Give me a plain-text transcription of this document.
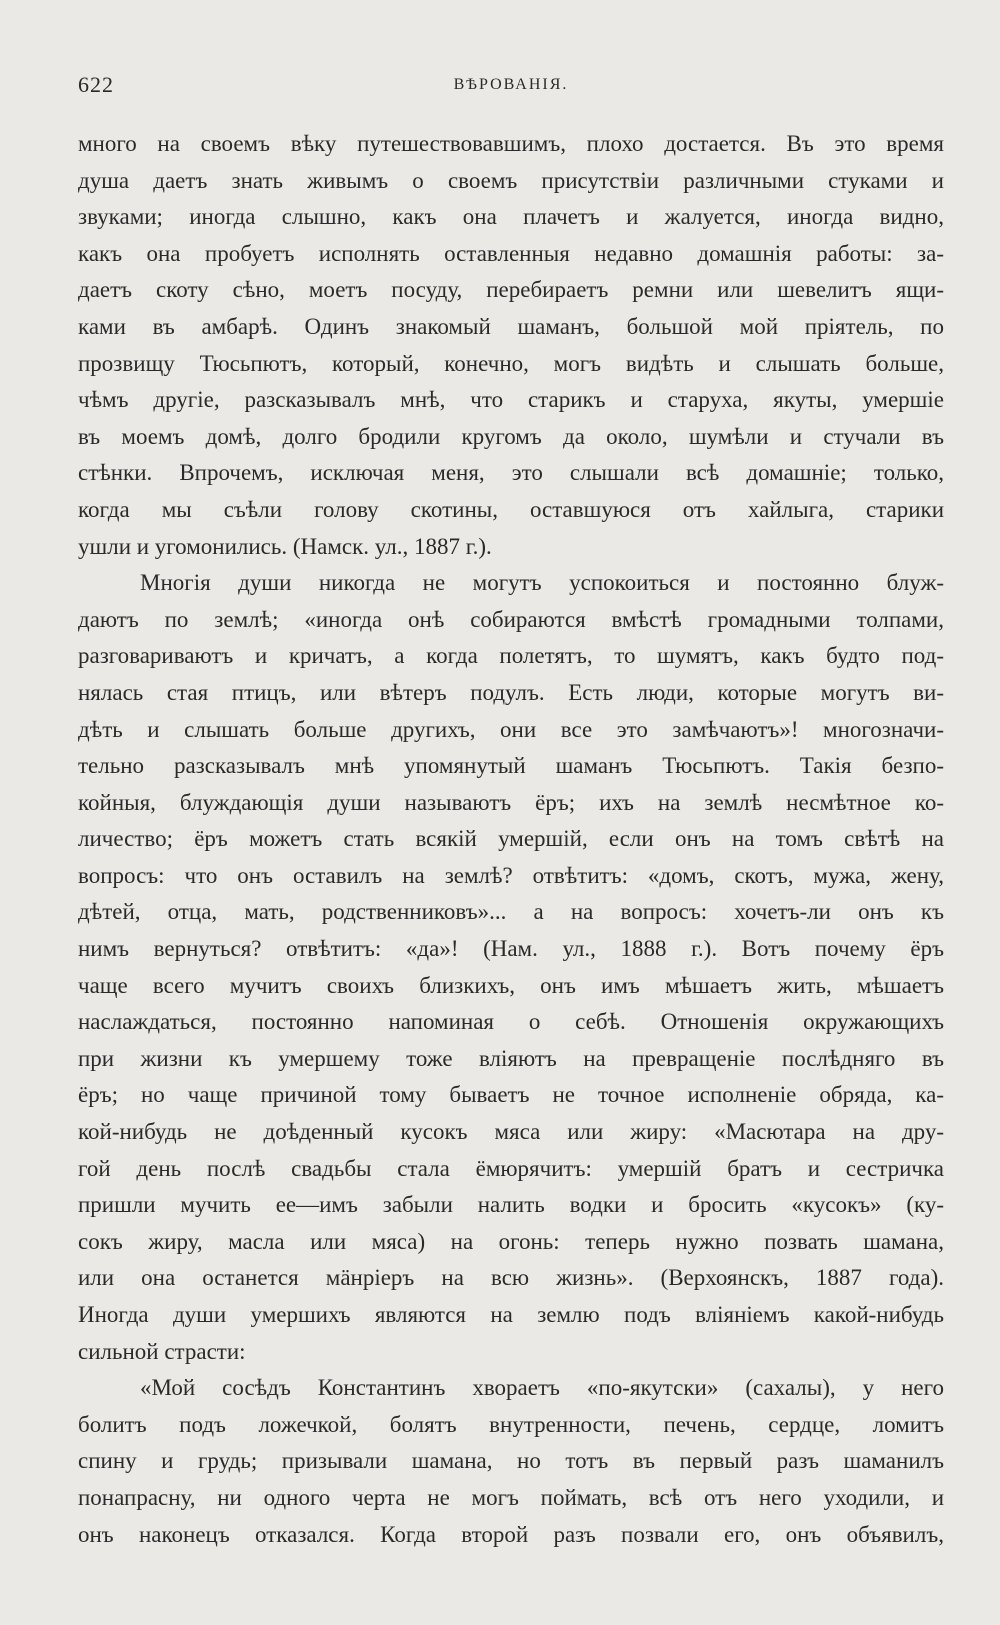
622	ВѢРОВАНІЯ.
много на своемъ вѣку путешествовавшимъ, плохо достается. Въ это время
душа даетъ знать живымъ о своемъ присутствіи различными стуками и
звуками; иногда слышно, какъ она плачетъ и жалуется, иногда видно,
какъ она пробуетъ исполнять оставленныя недавно домашнія работы: за-
даетъ скоту сѣно, моетъ посуду, перебираетъ ремни или шевелитъ ящи-
ками въ амбарѣ. Одинъ знакомый шаманъ, большой мой пріятель, по
прозвищу Тюсьпютъ, который, конечно, могъ видѣть и слышать больше,
чѣмъ другіе, разсказывалъ мнѣ, что старикъ и старуха, якуты, умершіе
въ моемъ домѣ, долго бродили кругомъ да около, шумѣли и стучали въ
стѣнки. Впрочемъ, исключая меня, это слышали всѣ домашніе; только,
когда мы съѣли голову скотины, оставшуюся отъ хайлыга, старики
ушли и угомонились. (Намск. ул., 1887 г.).
Многія души никогда не могутъ успокоиться и постоянно блуж-
даютъ по землѣ; «иногда онѣ собираются вмѣстѣ громадными толпами,
разговариваютъ и кричатъ, а когда полетятъ, то шумятъ, какъ будто под-
нялась стая птицъ, или вѣтеръ подулъ. Есть люди, которые могутъ ви-
дѣть и слышать больше другихъ, они все это замѣчаютъ»! многозначи-
тельно разсказывалъ мнѣ упомянутый шаманъ Тюсьпютъ. Такія безпо-
койныя, блуждающія души называютъ ёръ; ихъ на землѣ несмѣтное ко-
личество; ёръ можетъ стать всякій умершій, если онъ на томъ свѣтѣ на
вопросъ: что онъ оставилъ на землѣ? отвѣтитъ: «домъ, скотъ, мужа, жену,
дѣтей, отца, мать, родственниковъ»... а на вопросъ: хочетъ-ли онъ къ
нимъ вернуться? отвѣтитъ: «да»! (Нам. ул., 1888 г.). Вотъ почему ёръ
чаще всего мучитъ своихъ близкихъ, онъ имъ мѣшаетъ жить, мѣшаетъ
наслаждаться, постоянно напоминая о себѣ. Отношенія окружающихъ
при жизни къ умершему тоже вліяютъ на превращеніе послѣдняго въ
ёръ; но чаще причиной тому бываетъ не точное исполненіе обряда, ка-
кой-нибудь не доѣденный кусокъ мяса или жиру: «Масютара на дру-
гой день послѣ свадьбы стала ёмюрячитъ: умершій братъ и сестричка
пришли мучить ее—имъ забыли налить водки и бросить «кусокъ» (ку-
сокъ жиру, масла или мяса) на огонь: теперь нужно позвать шамана,
или она останется мäнріеръ на всю жизнь». (Верхоянскъ, 1887 года).
Иногда души умершихъ являются на землю подъ вліяніемъ какой-нибудь
сильной страсти:
«Мой сосѣдъ Константинъ хвораетъ «по-якутски» (сахалы), у него
болитъ подъ ложечкой, болятъ внутренности, печень, сердце, ломитъ
спину и грудь; призывали шамана, но тотъ въ первый разъ шаманилъ
понапрасну, ни одного черта не могъ поймать, всѣ отъ него уходили, и
онъ наконецъ отказался. Когда второй разъ позвали его, онъ объявилъ,
